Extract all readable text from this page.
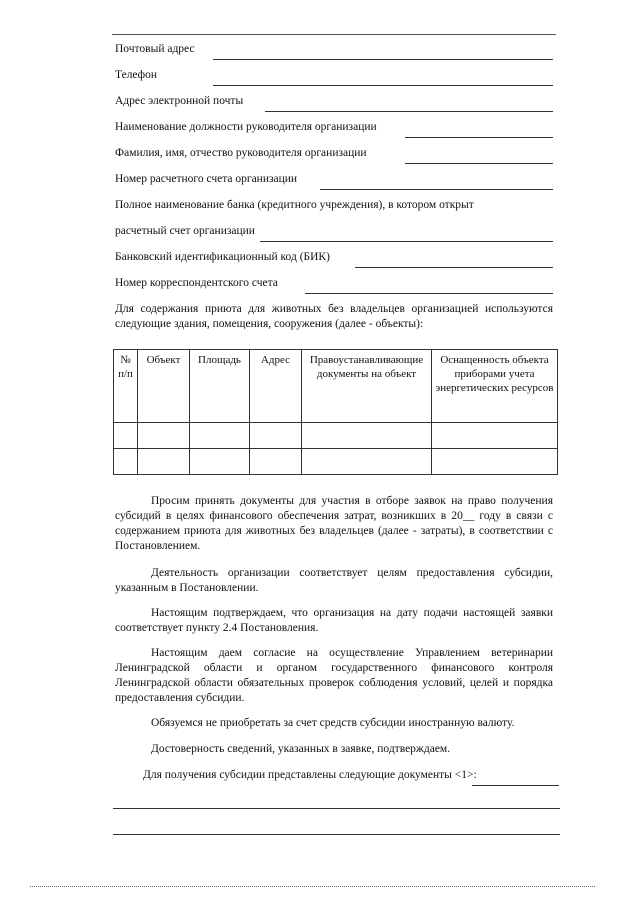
Почтовый адрес
Телефон
Адрес электронной почты
Наименование должности руководителя организации
Фамилия, имя, отчество руководителя организации
Номер расчетного счета организации
Полное наименование банка (кредитного учреждения), в котором открыт
расчетный счет организации
Банковский идентификационный код (БИК)
Номер корреспондентского счета
Для содержания приюта для животных без владельцев организацией используются следующие здания, помещения, сооружения (далее - объекты):
№ п/п	Объект	Площадь	Адрес	Правоустанавливающие документы на объект	Оснащенность объекта приборами учета энергетических ресурсов

Просим принять документы для участия в отборе заявок на право получения субсидий в целях финансового обеспечения затрат, возникших в 20__ году в связи с содержанием приюта для животных без владельцев (далее - затраты), в соответствии с Постановлением.
Деятельность организации соответствует целям предоставления субсидии, указанным в Постановлении.
Настоящим подтверждаем, что организация на дату подачи настоящей заявки соответствует пункту 2.4 Постановления.
Настоящим даем согласие на осуществление Управлением ветеринарии Ленинградской области и органом государственного финансового контроля Ленинградской области обязательных проверок соблюдения условий, целей и порядка предоставления субсидии.
Обязуемся не приобретать за счет средств субсидии иностранную валюту.
Достоверность сведений, указанных в заявке, подтверждаем.
Для получения субсидии представлены следующие документы <1>:
